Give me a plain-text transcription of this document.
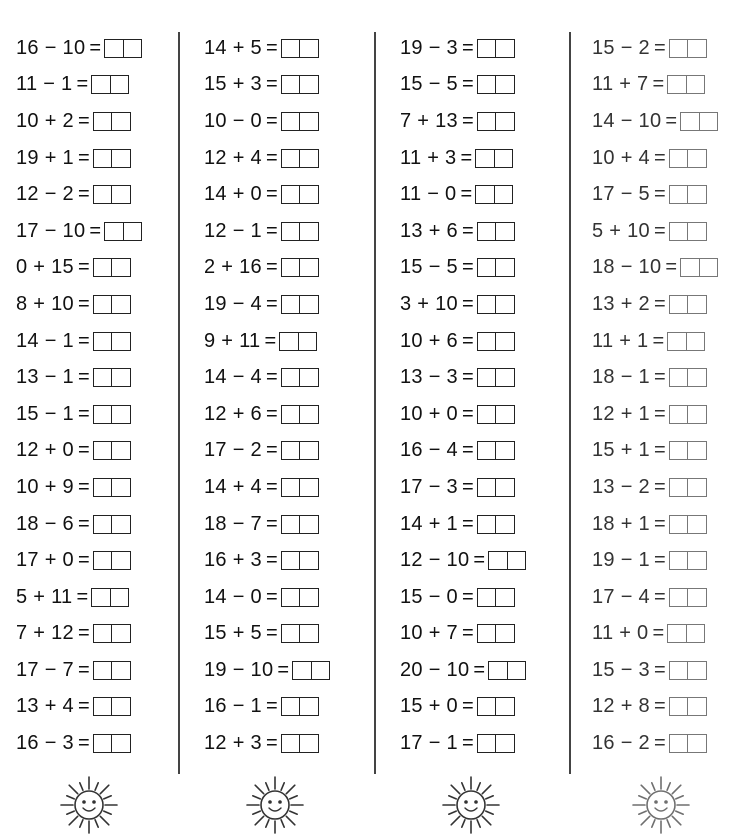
16 − 10 =
11 − 1 =
10 + 2 =
19 + 1 =
12 − 2 =
17 − 10 =
0 + 15 =
8 + 10 =
14 − 1 =
13 − 1 =
15 − 1 =
12 + 0 =
10 + 9 =
18 − 6 =
17 + 0 =
5 + 11 =
7 + 12 =
17 − 7 =
13 + 4 =
16 − 3 =
14 + 5 =
15 + 3 =
10 − 0 =
12 + 4 =
14 + 0 =
12 − 1 =
2 + 16 =
19 − 4 =
9 + 11 =
14 − 4 =
12 + 6 =
17 − 2 =
14 + 4 =
18 − 7 =
16 + 3 =
14 − 0 =
15 + 5 =
19 − 10 =
16 − 1 =
12 + 3 =
19 − 3 =
15 − 5 =
7 + 13 =
11 + 3 =
11 − 0 =
13 + 6 =
15 − 5 =
3 + 10 =
10 + 6 =
13 − 3 =
10 + 0 =
16 − 4 =
17 − 3 =
14 + 1 =
12 − 10 =
15 − 0 =
10 + 7 =
20 − 10 =
15 + 0 =
17 − 1 =
15 − 2 =
11 + 7 =
14 − 10 =
10 + 4 =
17 − 5 =
5 + 10 =
18 − 10 =
13 + 2 =
11 + 1 =
18 − 1 =
12 + 1 =
15 + 1 =
13 − 2 =
18 + 1 =
19 − 1 =
17 − 4 =
11 + 0 =
15 − 3 =
12 + 8 =
16 − 2 =
